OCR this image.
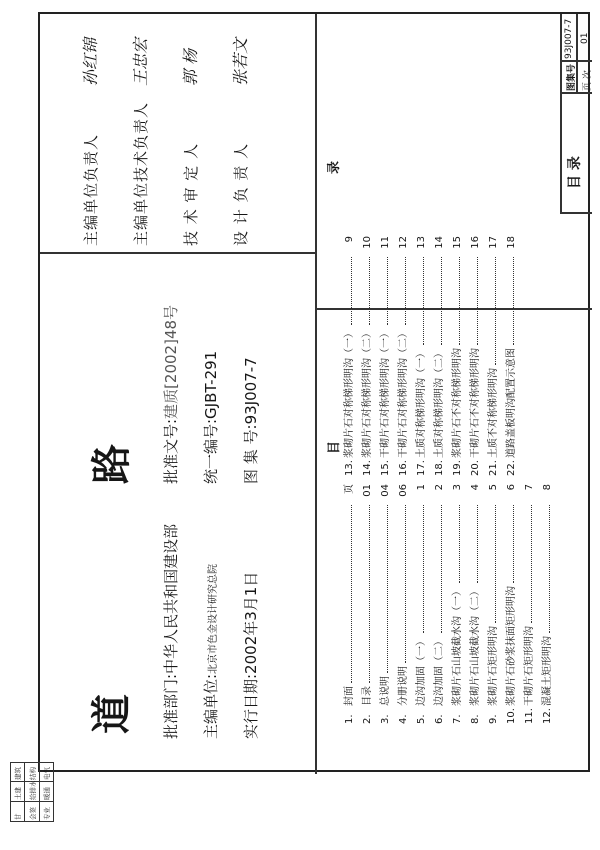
道
路
批准部门:中华人民共和国建设部
主编单位:北京市色金设计研究总院
实行日期:2002年3月1日
批准文号:建质[2002]48号
统一编号:GJBT-291
图 集 号:93J007-7
主编单位负责人
孙红锦
主编单位技术负责人
王忠宏
技 术 审 定 人
郭 杨
设 计 负 责 人
张若文
目
录
1.
封面
页
2.
目录
01
3.
总说明
04
4.
分册说明
06
5.
边沟加固（一）
1
6.
边沟加固（二）
2
7.
浆砌片石山坡截水沟（一）
3
8.
浆砌片石山坡截水沟（二）
4
9.
浆砌片石矩形明沟
5
10.
浆砌片石砂浆抹面矩形明沟
6
11.
干砌片石矩形明沟
7
12.
混凝土矩形明沟
8
13.
浆砌片石对称梯形明沟（一）
9
14.
浆砌片石对称梯形明沟（二）
10
15.
干砌片石对称梯形明沟（一）
11
16.
干砌片石对称梯形明沟（二）
12
17.
土质对称梯形明沟（一）
13
18.
土质对称梯形明沟（二）
14
19.
浆砌片石不对称梯形明沟
15
20.
干砌片石不对称梯形明沟
16
21.
土质不对称梯形明沟
17
22.
道路盖板明沟配置示意图
18
目 录
图集号
93J007-7
页 次
01
甘 会签 专业
土建 给排水 暖通
建筑 结构 电气
